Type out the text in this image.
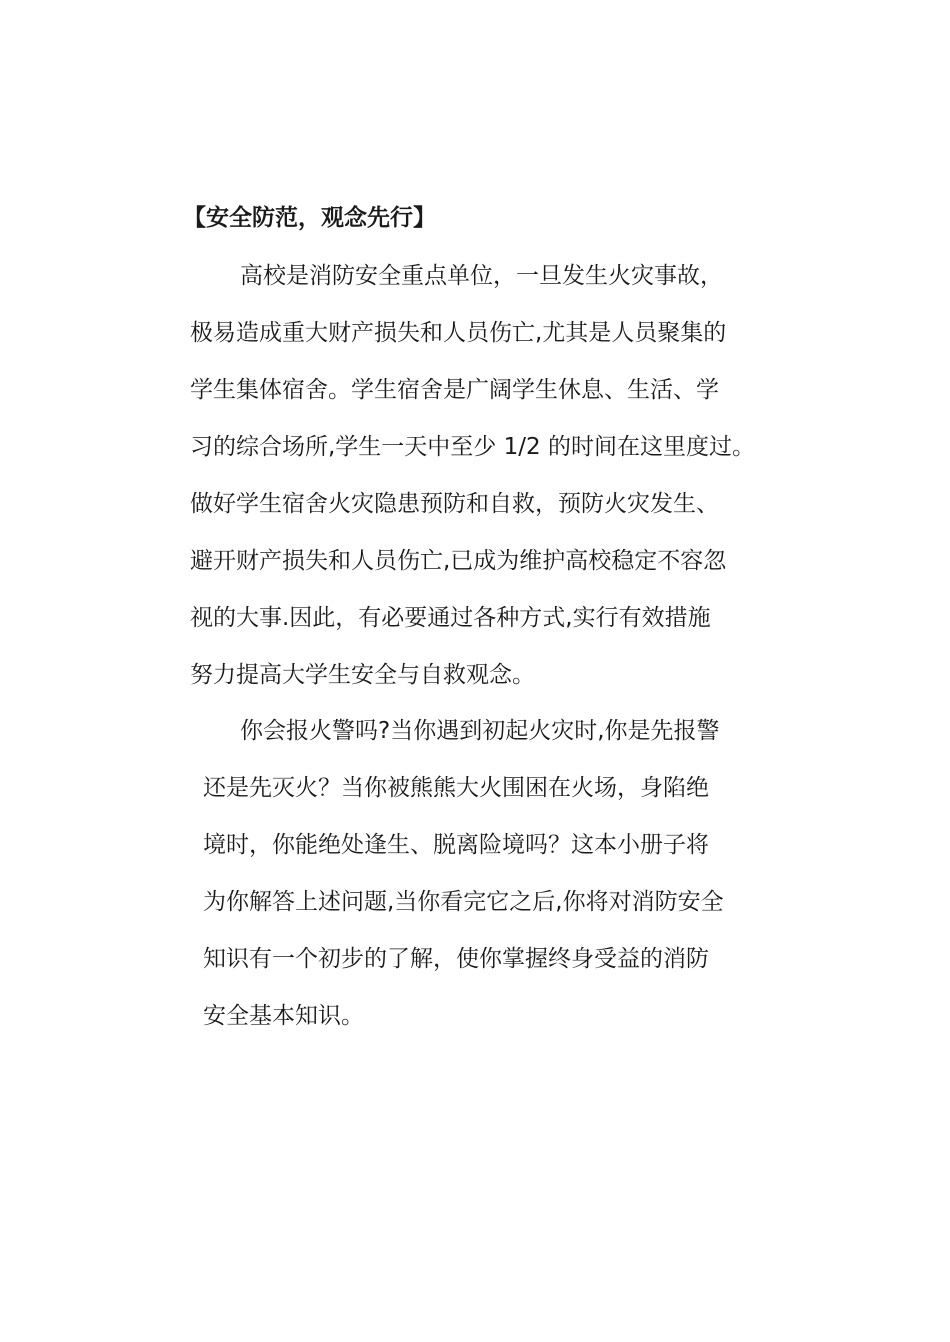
【安全防范，观念先行】
高校是消防安全重点单位，一旦发生火灾事故，
极易造成重大财产损失和人员伤亡,尤其是人员聚集的
学生集体宿舍。学生宿舍是广阔学生休息、生活、学
习的综合场所,学生一天中至少 1/2 的时间在这里度过。
做好学生宿舍火灾隐患预防和自救，预防火灾发生、
避开财产损失和人员伤亡,已成为维护高校稳定不容忽
视的大事.因此，有必要通过各种方式,实行有效措施
努力提高大学生安全与自救观念。
你会报火警吗?当你遇到初起火灾时,你是先报警
还是先灭火？当你被熊熊大火围困在火场，身陷绝
境时，你能绝处逢生、脱离险境吗？这本小册子将
为你解答上述问题,当你看完它之后,你将对消防安全
知识有一个初步的了解，使你掌握终身受益的消防
安全基本知识。
